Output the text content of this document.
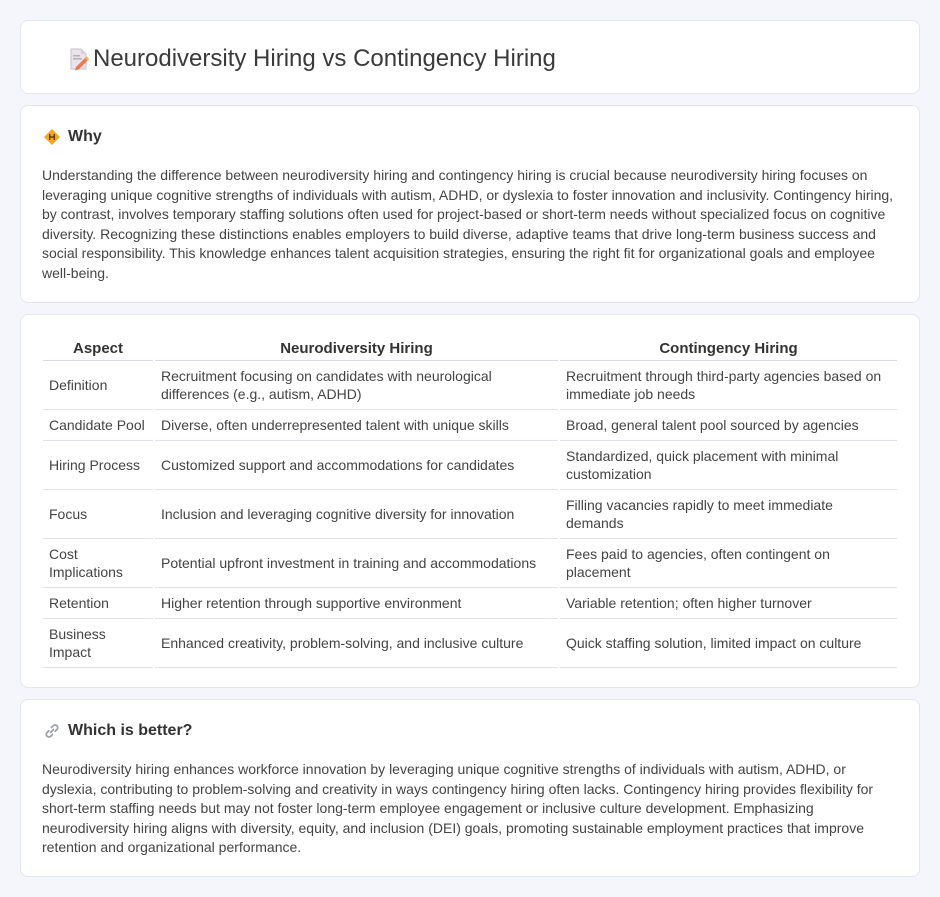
Neurodiversity Hiring vs Contingency Hiring
Why

Understanding the difference between neurodiversity hiring and contingency hiring is crucial because neurodiversity hiring focuses on leveraging unique cognitive strengths of individuals with autism, ADHD, or dyslexia to foster innovation and inclusivity. Contingency hiring, by contrast, involves temporary staffing solutions often used for project-based or short-term needs without specialized focus on cognitive diversity. Recognizing these distinctions enables employers to build diverse, adaptive teams that drive long-term business success and social responsibility. This knowledge enhances talent acquisition strategies, ensuring the right fit for organizational goals and employee well-being.

Aspect	Neurodiversity Hiring	Contingency Hiring
Definition	Recruitment focusing on candidates with neurological differences (e.g., autism, ADHD)	Recruitment through third-party agencies based on immediate job needs
Candidate Pool	Diverse, often underrepresented talent with unique skills	Broad, general talent pool sourced by agencies
Hiring Process	Customized support and accommodations for candidates	Standardized, quick placement with minimal customization
Focus	Inclusion and leveraging cognitive diversity for innovation	Filling vacancies rapidly to meet immediate demands
Cost Implications	Potential upfront investment in training and accommodations	Fees paid to agencies, often contingent on placement
Retention	Higher retention through supportive environment	Variable retention; often higher turnover
Business Impact	Enhanced creativity, problem-solving, and inclusive culture	Quick staffing solution, limited impact on culture
Which is better?

Neurodiversity hiring enhances workforce innovation by leveraging unique cognitive strengths of individuals with autism, ADHD, or dyslexia, contributing to problem-solving and creativity in ways contingency hiring often lacks. Contingency hiring provides flexibility for short-term staffing needs but may not foster long-term employee engagement or inclusive culture development. Emphasizing neurodiversity hiring aligns with diversity, equity, and inclusion (DEI) goals, promoting sustainable employment practices that improve retention and organizational performance.
